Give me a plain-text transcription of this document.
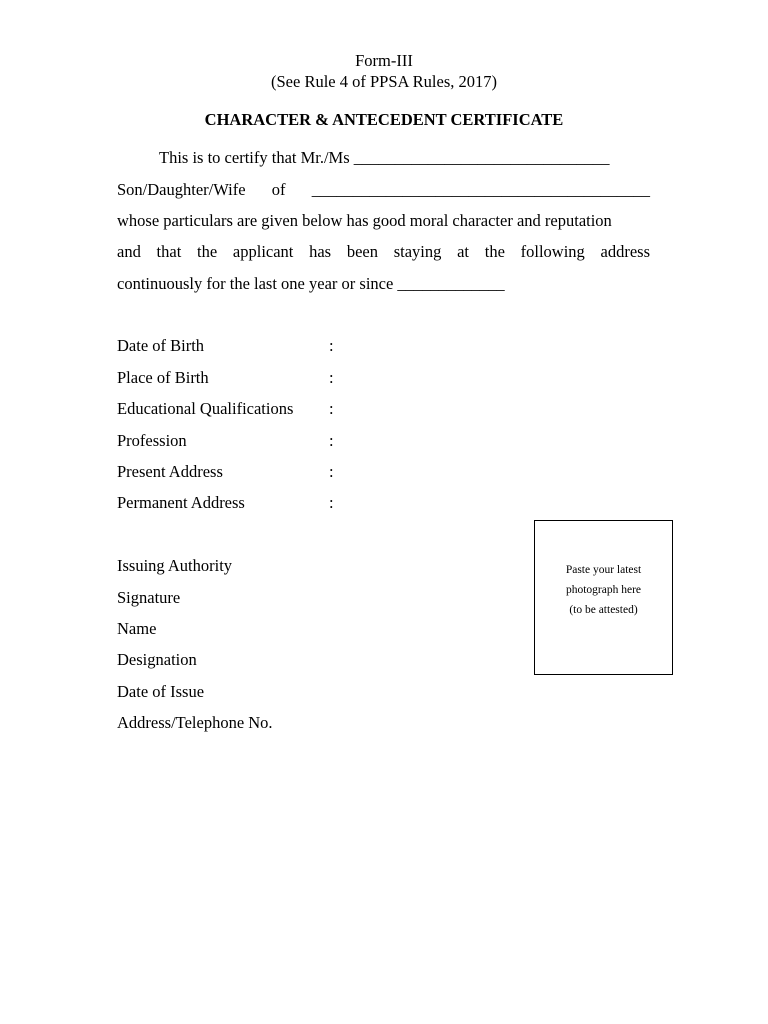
Form-III
(See Rule 4 of PPSA Rules, 2017)
CHARACTER & ANTECEDENT CERTIFICATE
This is to certify that Mr./Ms _______________________________
Son/Daughter/Wife of _________________________________________
whose particulars are given below has good moral character and reputation
and that the applicant has been staying at the following address
continuously for the last one year or since _____________
Date of Birth	:
Place of Birth	:
Educational Qualifications :
Profession	:
Present Address	:
Permanent Address	:
Issuing Authority
Signature
Name
Designation
Date of Issue
Address/Telephone No.
Paste your latest
photograph here
(to be attested)
